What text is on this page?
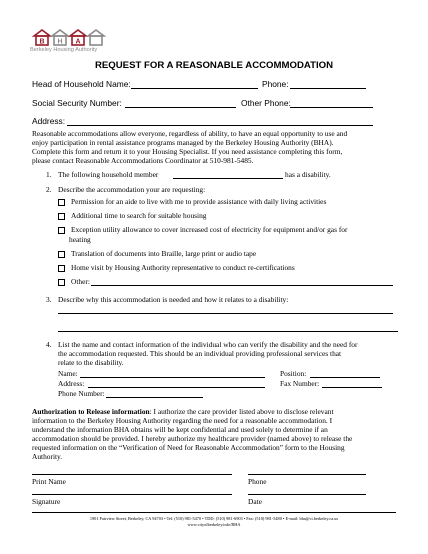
B H A
Berkeley Housing Authority
REQUEST FOR A REASONABLE ACCOMMODATION
Head of Household Name:	Phone:
Social Security Number:	Other Phone:
Address:
Reasonable accommodations allow everyone, regardless of ability, to have an equal opportunity to use and
enjoy participation in rental assistance programs managed by the Berkeley Housing Authority (BHA).
Complete this form and return it to your Housing Specialist. If you need assistance completing this form,
please contact Reasonable Accommodations Coordinator at 510-981-5485.
1. The following household member	has a disability.
2. Describe the accommodation your are requesting:
Permission for an aide to live with me to provide assistance with daily living activities
Additional time to search for suitable housing
Exception utility allowance to cover increased cost of electricity for equipment and/or gas for
heating
Translation of documents into Braille, large print or audio tape
Home visit by Housing Authority representative to conduct re-certifications
Other:
3. Describe why this accommodation is needed and how it relates to a disability:
4. List the name and contact information of the individual who can verify the disability and the need for
the accommodation requested. This should be an individual providing professional services that
relate to the disability.
Name:	Position:
Address:	Fax Number:
Phone Number:
Authorization to Release information: I authorize the care provider listed above to disclose relevant
information to the Berkeley Housing Authority regarding the need for a reasonable accommodation. I
understand the information BHA obtains will be kept confidential and used solely to determine if an
accommodation should be provided. I hereby authorize my healthcare provider (named above) to release the
requested information on the “Verification of Need for Reasonable Accommodation” form to the Housing
Authority.
Print Name	Phone
Signature	Date
1901 Fairview Street, Berkeley, CA 94703 • Tel: (510) 981-5470 • TDD: (510) 981-6903 • Fax: (510) 981-5480 • E-mail: bha@ci.berkeley.ca.us
www.cityofberkeley.info/BHA
